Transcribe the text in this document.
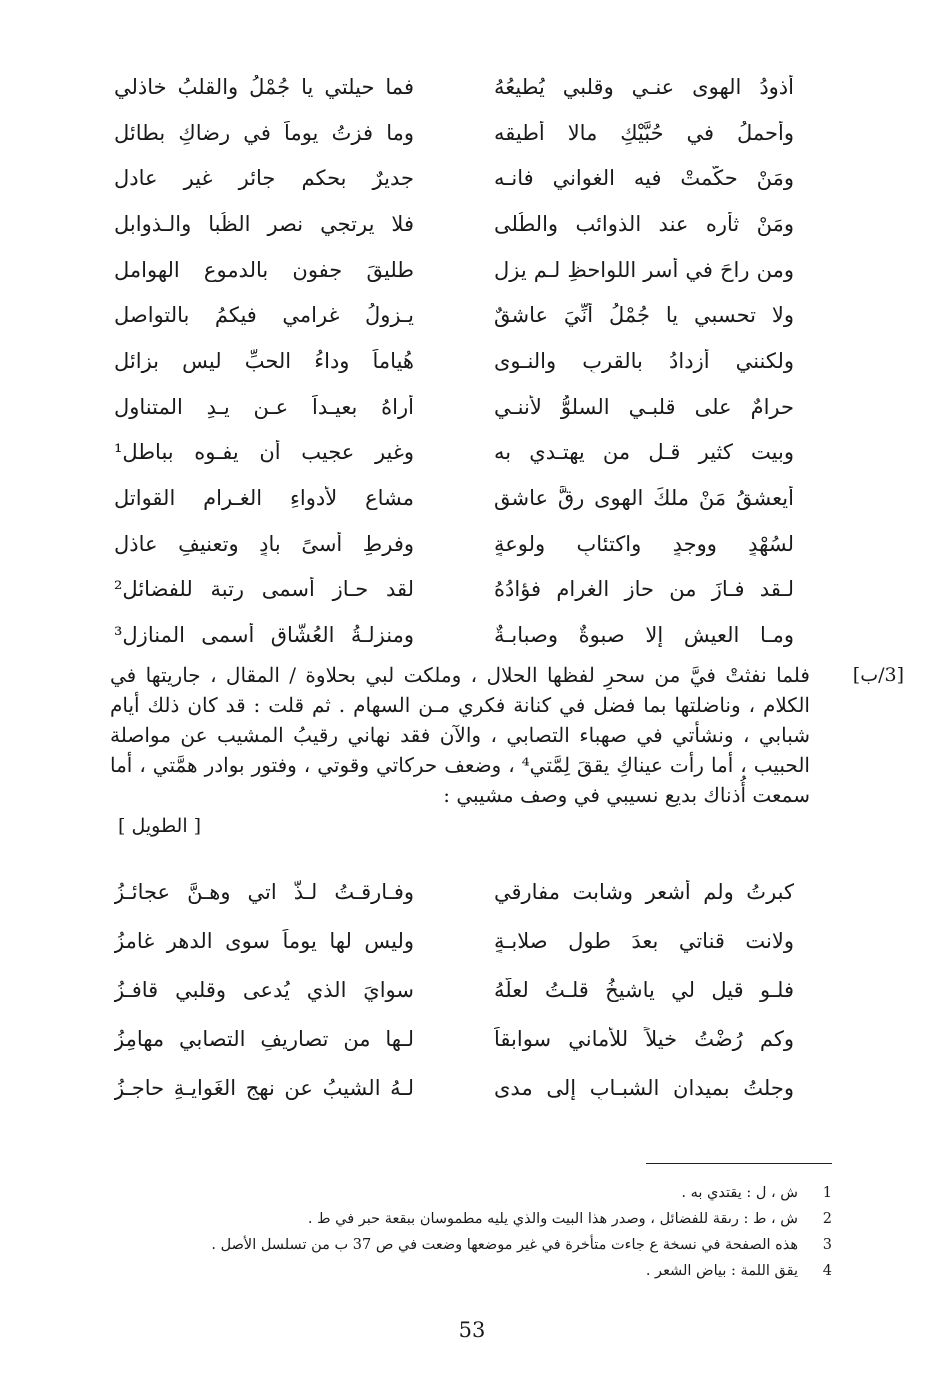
أذودُ الهوى عنـي وقلبي يُطيعُهُ
فما حيلتي يا جُمْلُ والقلبُ خاذلي
وأحملُ في حُبَّيْكِ مالا أطيقه
وما فزتُ يوماً في رضاكِ بطائلِ
ومَنْ حكَّمتْ فيه الغواني فانـه
جديرٌ بحكمِ جائرٍ غيرِ عادلِ
ومَنْ ثأره عند الذوائب والطُلى
فلا يرتجي نصر الظُبا والـذوابلِ
ومن راحَ في أسرِ اللواحظِ لـم يزل
طليقَ جفونٍ بالدموعِ الهواملِ
ولا تحسبي يا جُمْلُ أنِّيَ عاشقٌ
يـزولُ غرامي فيكمُ بالتواصلِ
ولكنني أزدادُ بالقربِ والنـوى
هُياماً وداءُ الحبِّ ليس بزائلِ
حرامٌ على قلبـي السلوُّ لأننـي
أراهُ بعيـداً عـن يـدِ المتناولِ
وبيت كثير قـل من يهتـدي به
وغير عجيب أن يفـوه بباطلِ¹
أيعشقُ مَنْ ملكَ الهوى رِقَّ عاشقٍ
مشاعِ لأدواءِ الغـرامِ القواتلِ
لسُهْدٍ ووجدٍ واكتئابٍ ولوعةٍ
وفرطِ أسىً بادٍ وتعنيفِ عاذلِ
لـقد فـازَ من حاز الغرام فؤادُهُ
لقد حـاز أسمى رتبة للفضائلِ²
ومـا العيش إلا صبوةٌ وصبابـةٌ
ومنزلـةُ العُشَّاقِ أسمى المنازلِ³
[3/ب]

فلما نفثتْ فيَّ من سحرِ لفظها الحلال ، وملكت لبي بحلاوة / المقال ، جاريتها في الكلام ، وناضلتها بما فضل في كنانة فكري مـن السهام . ثم قلت : قد كان ذلك أيام شبابي ، ونشأتي في صهباء التصابي ، والآن فقد نهاني رقيبُ المشيب عن مواصلة الحبيب ، أما رأت عيناكِ يققَ لِمَّتي⁴ ، وضعف حركاتي وقوتي ، وفتور بوادر همَّتي ، أما سمعت أُذناك بديع نسيبي في وصف مشيبي :

[ الطويل ]
كبرتُ ولم أشعر وشابت مفارقي
وفـارقـتُ لـذَّ اتي وهـنَّ عجائـزُ
ولانت قناتي بعدَ طولِ صلابـةٍ
وليس لها يوماً سوى الدهرِ غامزُ
فلـو قيل لي ياشيخُ قلـتُ لعلّهُ
سوايَ الذي يُدعى وقلبي قافـزُ
وكم رُضْتُ خيلاً للأماني سوابقاً
لـها من تصاريفِ التصابي مهامِزُ
وجلتُ بميدانِ الشبـابِ إلى مدى
لـهُ الشيبُ عن نهجِ الغَوايـةِ حاجـزُ
1
ش ، ل : يقتدي به .
2
ش ، ط : رىقة للفضائل ، وصدر هذا البيت والذي يليه مطموسان ببقعة حبر في ط .
3
هذه الصفحة في نسخة ع جاءت متأخرة في غير موضعها وضعت في ص 37 ب من تسلسل الأصل .
4
يقق اللمة : بياض الشعر .
53
